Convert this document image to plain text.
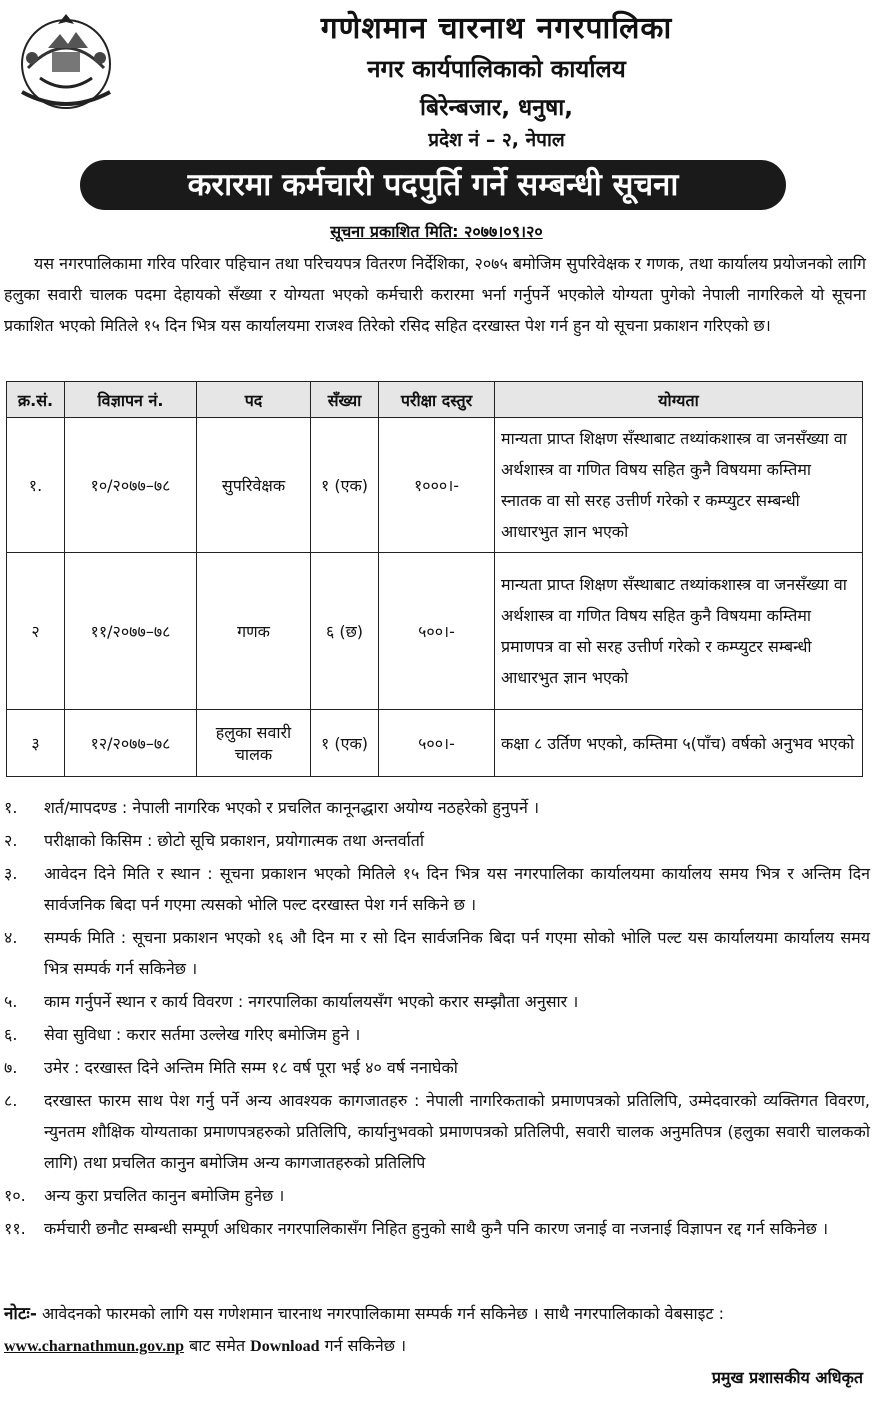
गणेशमान चारनाथ नगरपालिका
नगर कार्यपालिकाको कार्यालय
बिरेन्बजार, धनुषा,
प्रदेश नं – २, नेपाल
करारमा कर्मचारी पदपुर्ति गर्ने सम्बन्धी सूचना
सूचना प्रकाशित मिति: २०७७।०९।२०

यस नगरपालिकामा गरिव परिवार पहिचान तथा परिचयपत्र वितरण निर्देशिका, २०७५ बमोजिम सुपरिवेक्षक र गणक, तथा कार्यालय प्रयोजनको लागि हलुका सवारी चालक पदमा देहायको सँख्या र योग्यता भएको कर्मचारी करारमा भर्ना गर्नुपर्ने भएकोले योग्यता पुगेको नेपाली नागरिकले यो सूचना प्रकाशित भएको मितिले १५ दिन भित्र यस कार्यालयमा राजश्व तिरेको रसिद सहित दरखास्त पेश गर्न हुन यो सूचना प्रकाशन गरिएको छ।

क्र.सं.	विज्ञापन नं.	पद	सँख्या	परीक्षा दस्तुर	योग्यता
१.	१०/२०७७–७८	सुपरिवेक्षक	१ (एक)	१०००।-	मान्यता प्राप्त शिक्षण सँस्थाबाट तथ्यांकशास्त्र वा जनसँख्या वा अर्थशास्त्र वा गणित विषय सहित कुनै विषयमा कम्तिमा स्नातक वा सो सरह उत्तीर्ण गरेको र कम्प्युटर सम्बन्धी आधारभुत ज्ञान भएको
२	११/२०७७–७८	गणक	६ (छ)	५००।-	मान्यता प्राप्त शिक्षण सँस्थाबाट तथ्यांकशास्त्र वा जनसँख्या वा अर्थशास्त्र वा गणित विषय सहित कुनै विषयमा कम्तिमा प्रमाणपत्र वा सो सरह उत्तीर्ण गरेको र कम्प्युटर सम्बन्धी आधारभुत ज्ञान भएको
३	१२/२०७७–७८	हलुका सवारी चालक	१ (एक)	५००।-	कक्षा ८ उर्तिण भएको, कम्तिमा ५(पाँच) वर्षको अनुभव भएको
१.	शर्त/मापदण्ड : नेपाली नागरिक भएको र प्रचलित कानूनद्धारा अयोग्य नठहरेको हुनुपर्ने ।
२.	परीक्षाको किसिम : छोटो सूचि प्रकाशन, प्रयोगात्मक तथा अन्तर्वार्ता
३.	आवेदन दिने मिति र स्थान : सूचना प्रकाशन भएको मितिले १५ दिन भित्र यस नगरपालिका कार्यालयमा कार्यालय समय भित्र र अन्तिम दिन सार्वजनिक बिदा पर्न गएमा त्यसको भोलि पल्ट दरखास्त पेश गर्न सकिने छ ।
४.	सम्पर्क मिति : सूचना प्रकाशन भएको १६ औ दिन मा र सो दिन सार्वजनिक बिदा पर्न गएमा सोको भोलि पल्ट यस कार्यालयमा कार्यालय समय भित्र सम्पर्क गर्न सकिनेछ ।
५.	काम गर्नुपर्ने स्थान र कार्य विवरण : नगरपालिका कार्यालयसँग भएको करार सम्झौता अनुसार ।
६.	सेवा सुविधा : करार सर्तमा उल्लेख गरिए बमोजिम हुने ।
७.	उमेर : दरखास्त दिने अन्तिम मिति सम्म १८ वर्ष पूरा भई ४० वर्ष ननाघेको
८.	दरखास्त फारम साथ पेश गर्नु पर्ने अन्य आवश्यक कागजातहरु : नेपाली नागरिकताको प्रमाणपत्रको प्रतिलिपि, उम्मेदवारको व्यक्तिगत विवरण, न्युनतम शौक्षिक योग्यताका प्रमाणपत्रहरुको प्रतिलिपि, कार्यानुभवको प्रमाणपत्रको प्रतिलिपी, सवारी चालक अनुमतिपत्र (हलुका सवारी चालकको लागि) तथा प्रचलित कानुन बमोजिम अन्य कागजातहरुको प्रतिलिपि
१०.	अन्य कुरा प्रचलित कानुन बमोजिम हुनेछ ।
११.	कर्मचारी छनौट सम्बन्धी सम्पूर्ण अधिकार नगरपालिकासँग निहित हुनुको साथै कुनै पनि कारण जनाई वा नजनाई विज्ञापन रद्द गर्न सकिनेछ ।

नोटः- आवेदनको फारमको लागि यस गणेशमान चारनाथ नगरपालिकामा सम्पर्क गर्न सकिनेछ । साथै नगरपालिकाको वेबसाइट : www.charnathmun.gov.np बाट समेत Download गर्न सकिनेछ ।

प्रमुख प्रशासकीय अधिकृत
